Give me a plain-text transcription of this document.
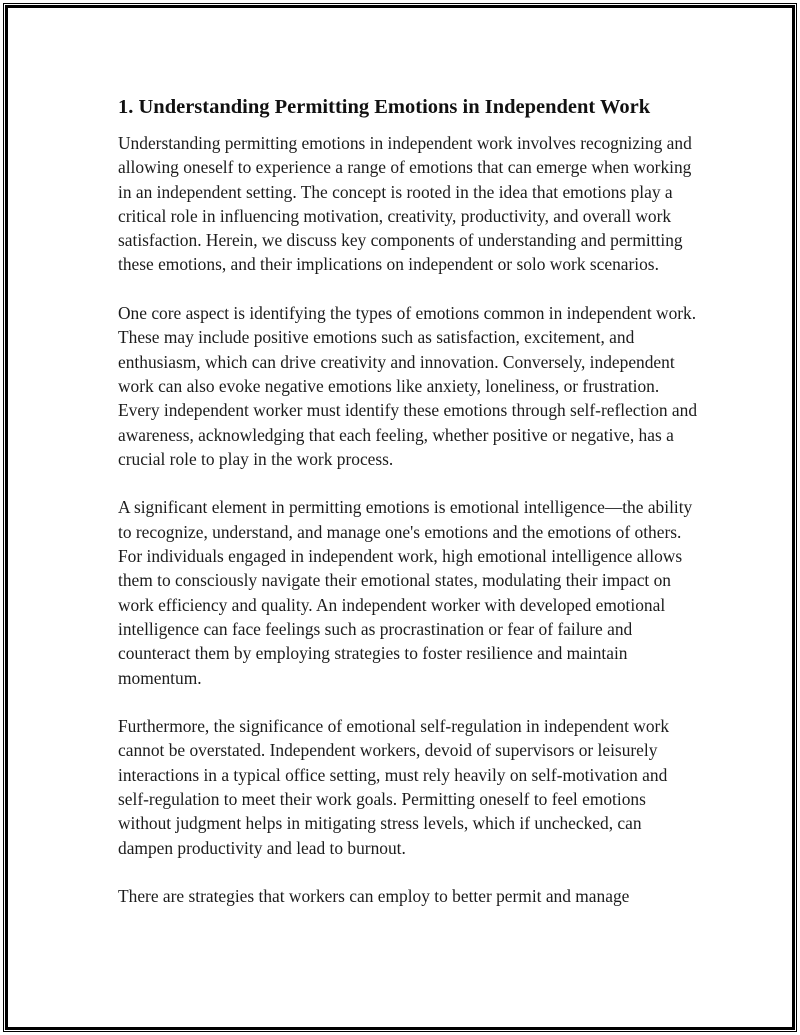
1. Understanding Permitting Emotions in Independent Work

Understanding permitting emotions in independent work involves recognizing and allowing oneself to experience a range of emotions that can emerge when working in an independent setting. The concept is rooted in the idea that emotions play a critical role in influencing motivation, creativity, productivity, and overall work satisfaction. Herein, we discuss key components of understanding and permitting these emotions, and their implications on independent or solo work scenarios.

One core aspect is identifying the types of emotions common in independent work. These may include positive emotions such as satisfaction, excitement, and enthusiasm, which can drive creativity and innovation. Conversely, independent work can also evoke negative emotions like anxiety, loneliness, or frustration. Every independent worker must identify these emotions through self-reflection and awareness, acknowledging that each feeling, whether positive or negative, has a crucial role to play in the work process.

A significant element in permitting emotions is emotional intelligence—the ability to recognize, understand, and manage one's emotions and the emotions of others. For individuals engaged in independent work, high emotional intelligence allows them to consciously navigate their emotional states, modulating their impact on work efficiency and quality. An independent worker with developed emotional intelligence can face feelings such as procrastination or fear of failure and counteract them by employing strategies to foster resilience and maintain momentum.

Furthermore, the significance of emotional self-regulation in independent work cannot be overstated. Independent workers, devoid of supervisors or leisurely interactions in a typical office setting, must rely heavily on self-motivation and self-regulation to meet their work goals. Permitting oneself to feel emotions without judgment helps in mitigating stress levels, which if unchecked, can dampen productivity and lead to burnout.

There are strategies that workers can employ to better permit and manage
